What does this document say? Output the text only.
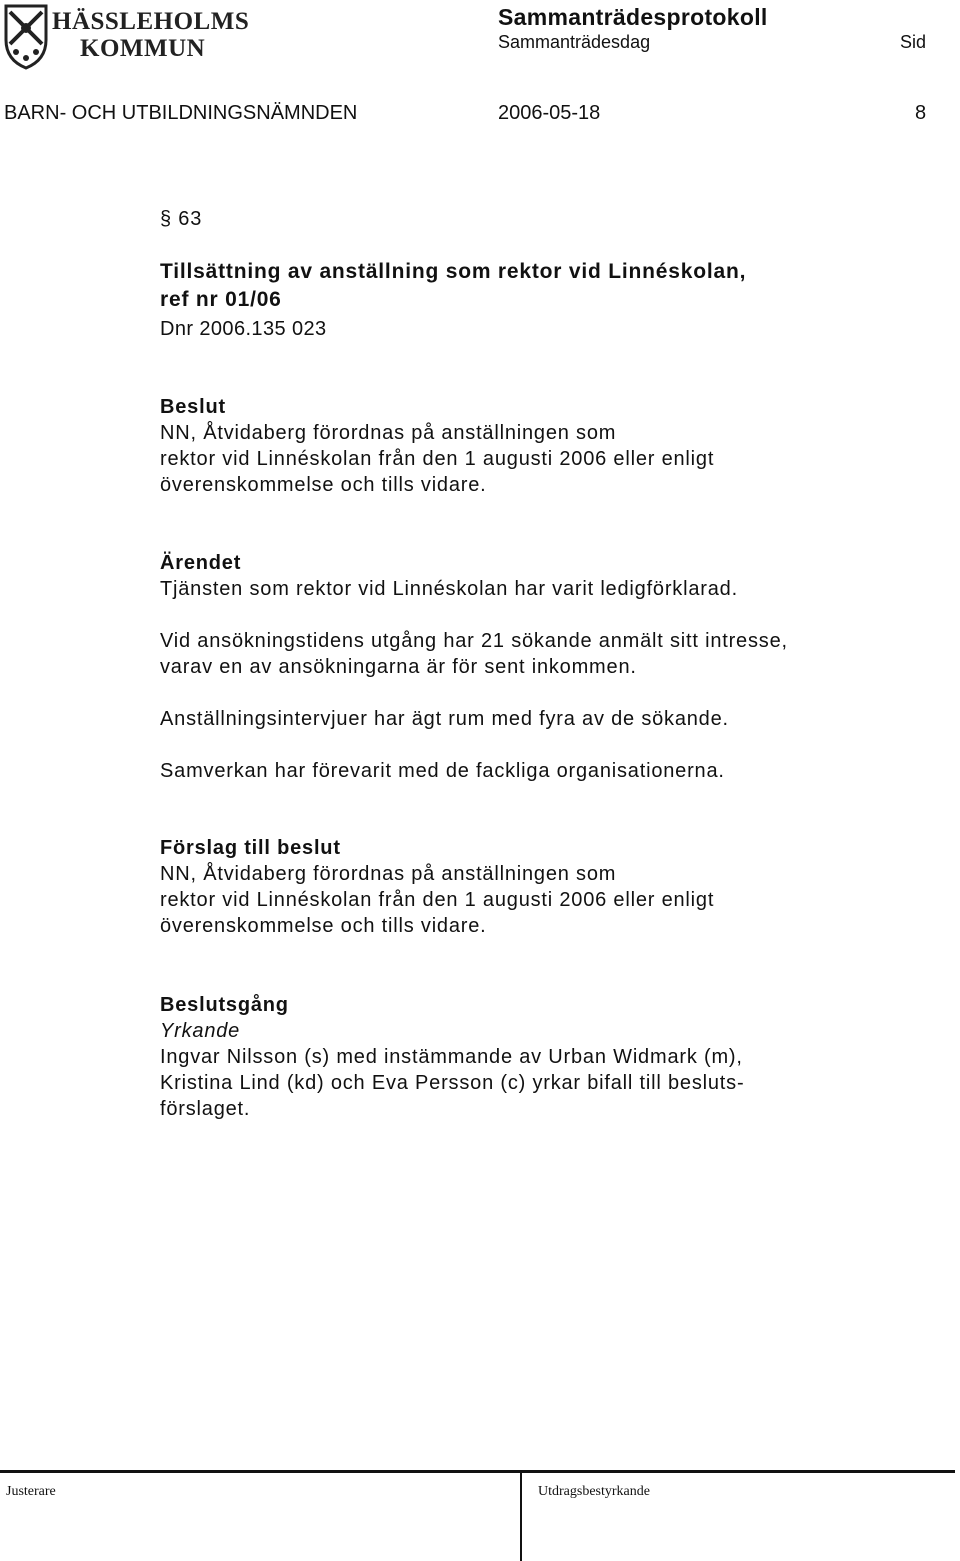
HÄSSLEHOLMS
KOMMUN
Sammanträdesprotokoll
Sammanträdesdag	Sid
BARN- OCH UTBILDNINGSNÄMNDEN	2006-05-18	8
§ 63
Tillsättning av anställning som rektor vid Linnéskolan,
ref nr 01/06
Dnr 2006.135 023
Beslut
NN, Åtvidaberg förordnas på anställningen som
rektor vid Linnéskolan från den 1 augusti 2006 eller enligt
överenskommelse och tills vidare.
Ärendet
Tjänsten som rektor vid Linnéskolan har varit ledigförklarad.
Vid ansökningstidens utgång har 21 sökande anmält sitt intresse,
varav en av ansökningarna är för sent inkommen.
Anställningsintervjuer har ägt rum med fyra av de sökande.
Samverkan har förevarit med de fackliga organisationerna.
Förslag till beslut
NN, Åtvidaberg förordnas på anställningen som
rektor vid Linnéskolan från den 1 augusti 2006 eller enligt
överenskommelse och tills vidare.
Beslutsgång
Yrkande
Ingvar Nilsson (s) med instämmande av Urban Widmark (m),
Kristina Lind (kd) och Eva Persson (c) yrkar bifall till besluts-
förslaget.
Justerare	Utdragsbestyrkande
